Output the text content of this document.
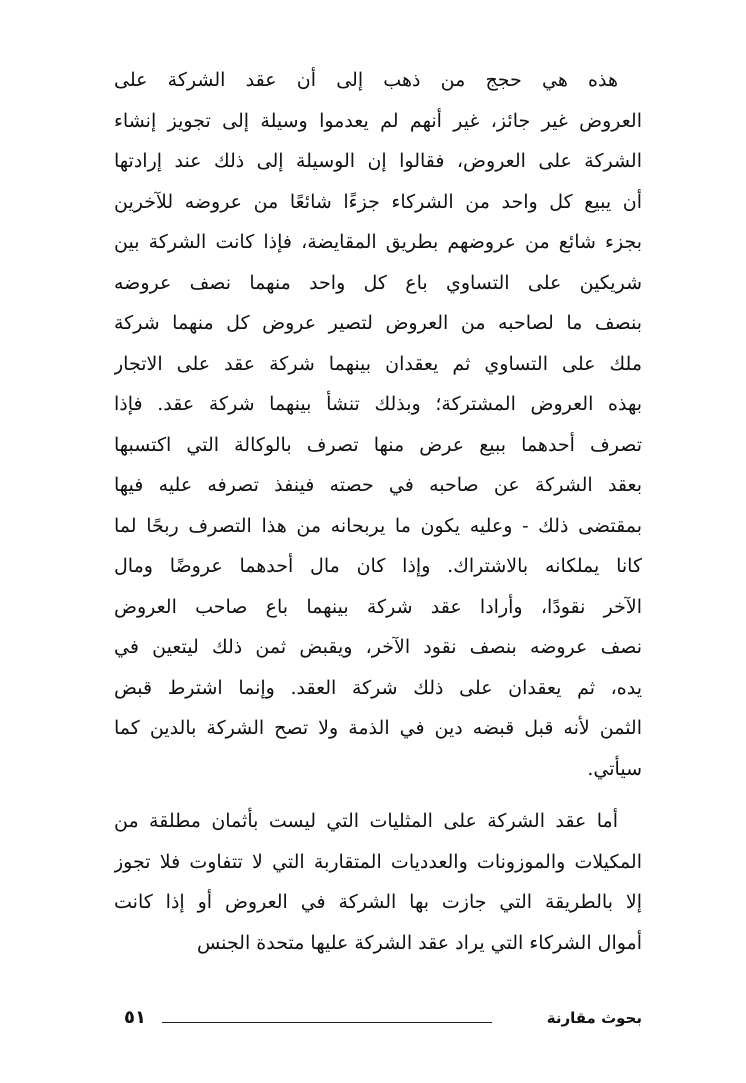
هذه هي حجج من ذهب إلى أن عقد الشركة على
العروض غير جائز، غير أنهم لم يعدموا وسيلة إلى تجويز إنشاء
الشركة على العروض، فقالوا إن الوسيلة إلى ذلك عند إرادتها
أن يبيع كل واحد من الشركاء جزءًا شائعًا من عروضه للآخرين
بجزء شائع من عروضهم بطريق المقايضة، فإذا كانت الشركة بين
شريكين على التساوي باع كل واحد منهما نصف عروضه
بنصف ما لصاحبه من العروض لتصير عروض كل منهما شركة
ملك على التساوي ثم يعقدان بينهما شركة عقد على الاتجار
بهذه العروض المشتركة؛ وبذلك تنشأ بينهما شركة عقد. فإذا
تصرف أحدهما ببيع عرض منها تصرف بالوكالة التي اكتسبها
بعقد الشركة عن صاحبه في حصته فينفذ تصرفه عليه فيها
بمقتضى ذلك - وعليه يكون ما يربحانه من هذا التصرف ربحًا لما
كانا يملكانه بالاشتراك. وإذا كان مال أحدهما عروضًا ومال
الآخر نقودًا، وأرادا عقد شركة بينهما باع صاحب العروض
نصف عروضه بنصف نقود الآخر، ويقبض ثمن ذلك ليتعين في
يده، ثم يعقدان على ذلك شركة العقد. وإنما اشترط قبض
الثمن لأنه قبل قبضه دين في الذمة ولا تصح الشركة بالدين كما
سيأتي.
أما عقد الشركة على المثليات التي ليست بأثمان مطلقة من
المكيلات والموزونات والعدديات المتقاربة التي لا تتفاوت فلا تجوز
إلا بالطريقة التي جازت بها الشركة في العروض أو إذا كانت
أموال الشركاء التي يراد عقد الشركة عليها متحدة الجنس
٥١	بحوث مقارنة
